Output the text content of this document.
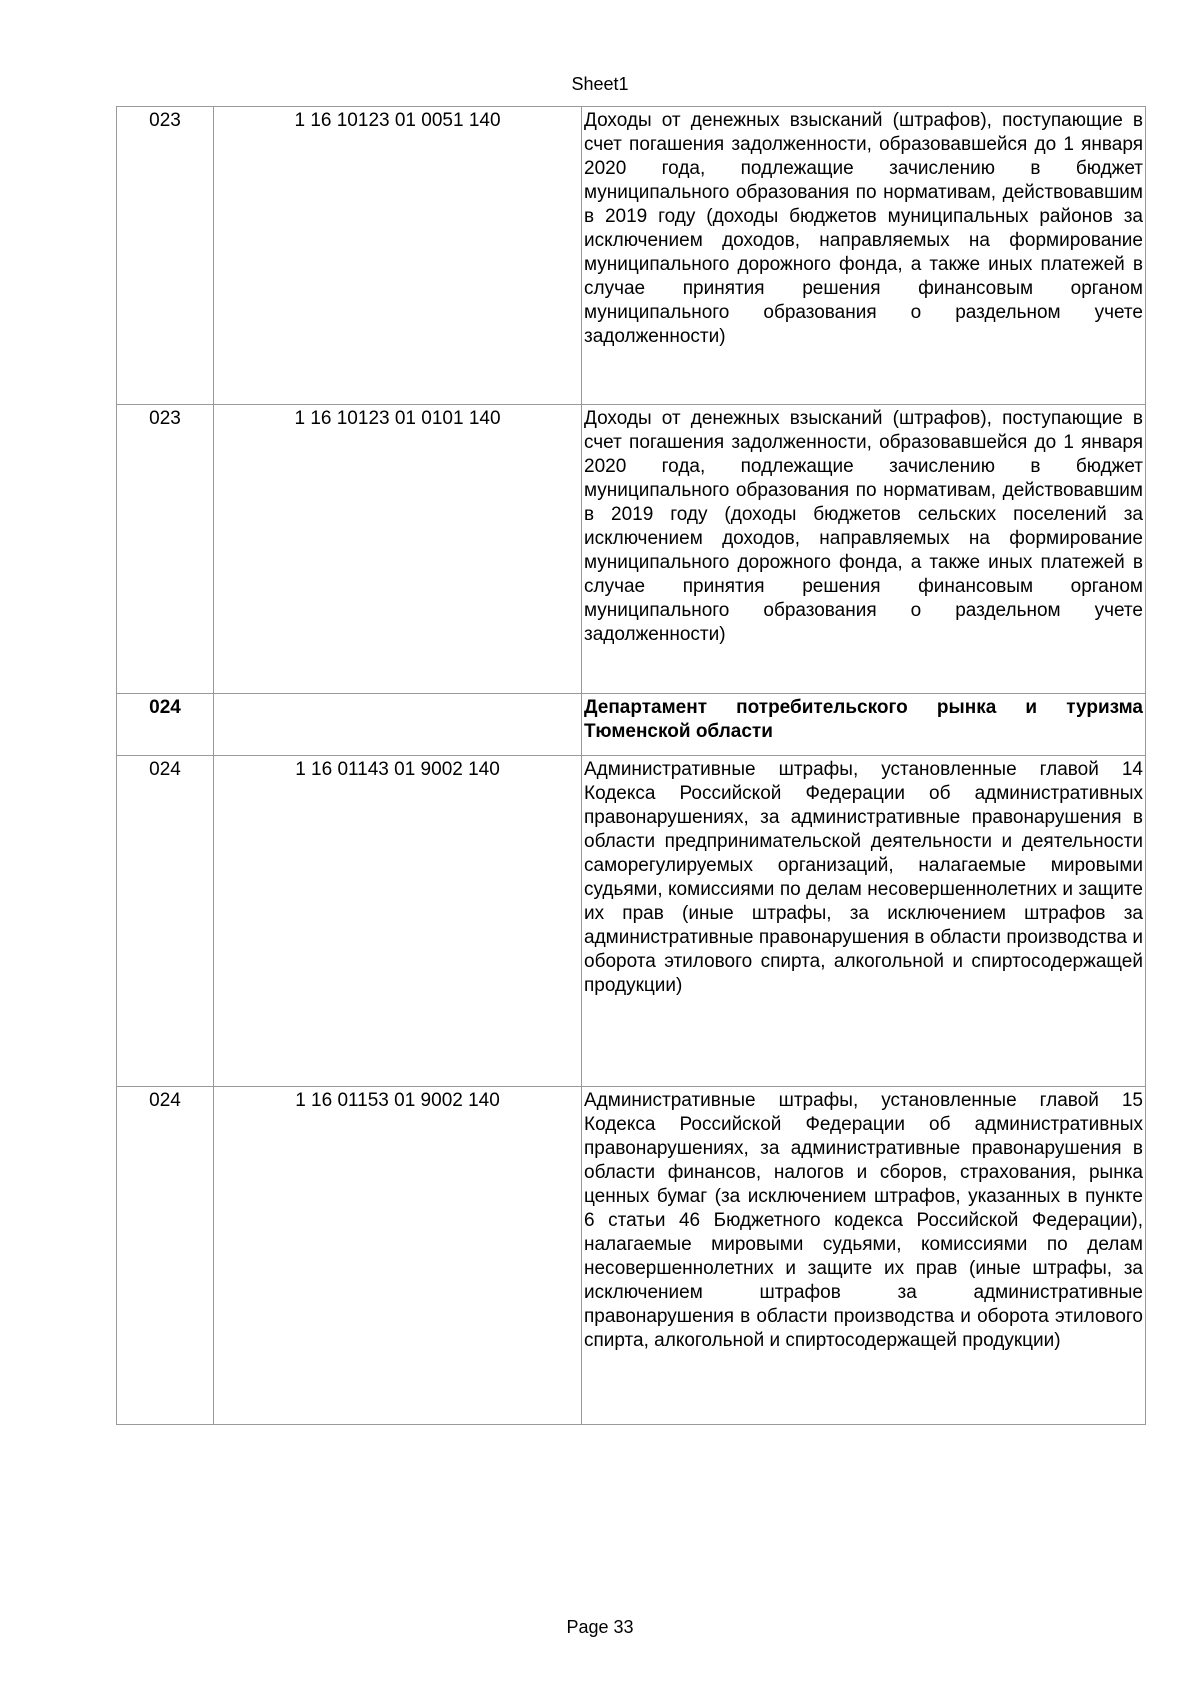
Sheet1
023	1 16 10123 01 0051 140	Доходы от денежных взысканий (штрафов), поступающие в счет погашения задолженности, образовавшейся до 1 января 2020 года, подлежащие зачислению в бюджет муниципального образования по нормативам, действовавшим в 2019 году (доходы бюджетов муниципальных районов за исключением доходов, направляемых на формирование муниципального дорожного фонда, а также иных платежей в случае принятия решения финансовым органом муниципального образования о раздельном учете задолженности)
023	1 16 10123 01 0101 140	Доходы от денежных взысканий (штрафов), поступающие в счет погашения задолженности, образовавшейся до 1 января 2020 года, подлежащие зачислению в бюджет муниципального образования по нормативам, действовавшим в 2019 году (доходы бюджетов сельских поселений за исключением доходов, направляемых на формирование муниципального дорожного фонда, а также иных платежей в случае принятия решения финансовым органом муниципального образования о раздельном учете задолженности)
024		Департамент потребительского рынка и туризма Тюменской области
024	1 16 01143 01 9002 140	Административные штрафы, установленные главой 14 Кодекса Российской Федерации об административных правонарушениях, за административные правонарушения в области предпринимательской деятельности и деятельности саморегулируемых организаций, налагаемые мировыми судьями, комиссиями по делам несовершеннолетних и защите их прав (иные штрафы, за исключением штрафов за административные правонарушения в области производства и оборота этилового спирта, алкогольной и спиртосодержащей продукции)
024	1 16 01153 01 9002 140	Административные штрафы, установленные главой 15 Кодекса Российской Федерации об административных правонарушениях, за административные правонарушения в области финансов, налогов и сборов, страхования, рынка ценных бумаг (за исключением штрафов, указанных в пункте 6 статьи 46 Бюджетного кодекса Российской Федерации), налагаемые мировыми судьями, комиссиями по делам несовершеннолетних и защите их прав (иные штрафы, за исключением штрафов за административные правонарушения в области производства и оборота этилового спирта, алкогольной и спиртосодержащей продукции)
Page 33
